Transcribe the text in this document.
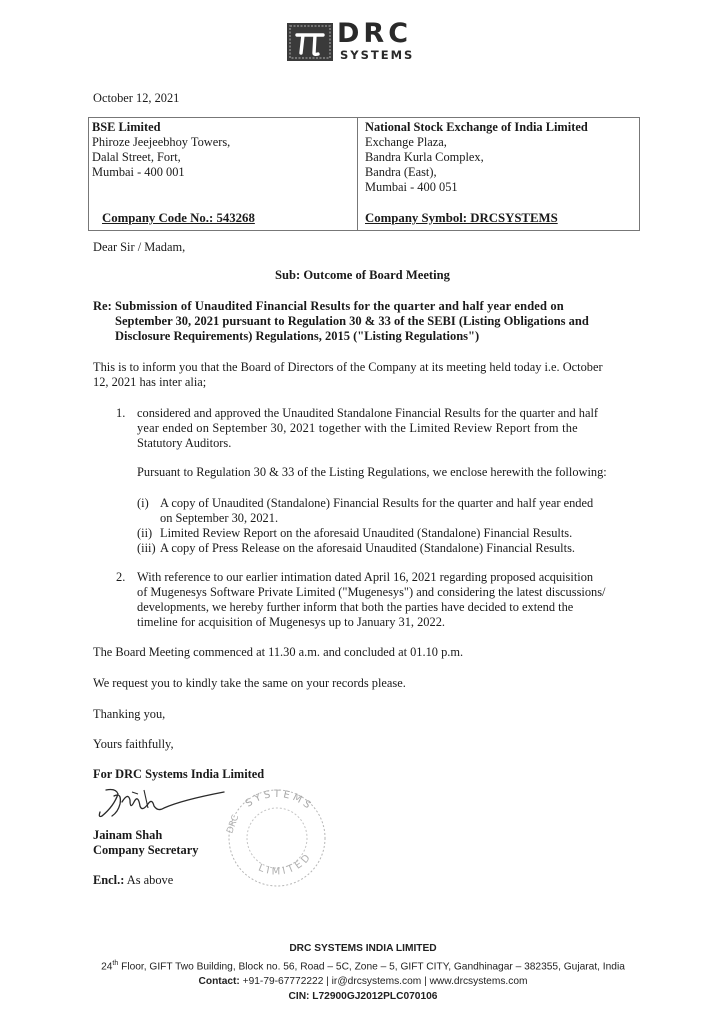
DRC
SYSTEMS
October 12, 2021
BSE Limited
Phiroze Jeejeebhoy Towers,
Dalal Street, Fort,
Mumbai - 400 001
Company Code No.: 543268
National Stock Exchange of India Limited
Exchange Plaza,
Bandra Kurla Complex,
Bandra (East),
Mumbai - 400 051
Company Symbol: DRCSYSTEMS
Dear Sir / Madam,
Sub: Outcome of Board Meeting
Re: Submission of Unaudited Financial Results for the quarter and half year ended on
September 30, 2021 pursuant to Regulation 30 & 33 of the SEBI (Listing Obligations and
Disclosure Requirements) Regulations, 2015 ("Listing Regulations")
This is to inform you that the Board of Directors of the Company at its meeting held today i.e. October
12, 2021 has inter alia;
1. considered and approved the Unaudited Standalone Financial Results for the quarter and half
year ended on September 30, 2021 together with the Limited Review Report from the
Statutory Auditors.
Pursuant to Regulation 30 & 33 of the Listing Regulations, we enclose herewith the following:
(i) A copy of Unaudited (Standalone) Financial Results for the quarter and half year ended
on September 30, 2021.
(ii) Limited Review Report on the aforesaid Unaudited (Standalone) Financial Results.
(iii) A copy of Press Release on the aforesaid Unaudited (Standalone) Financial Results.
2. With reference to our earlier intimation dated April 16, 2021 regarding proposed acquisition
of Mugenesys Software Private Limited ("Mugenesys") and considering the latest discussions/
developments, we hereby further inform that both the parties have decided to extend the
timeline for acquisition of Mugenesys up to January 31, 2022.
The Board Meeting commenced at 11.30 a.m. and concluded at 01.10 p.m.
We request you to kindly take the same on your records please.
Thanking you,
Yours faithfully,
For DRC Systems India Limited
SYSTEMS
LIMITED
DRC
Jainam Shah
Company Secretary
Encl.: As above
DRC SYSTEMS INDIA LIMITED
24th Floor, GIFT Two Building, Block no. 56, Road – 5C, Zone – 5, GIFT CITY, Gandhinagar – 382355, Gujarat, India
Contact: +91-79-67772222 | ir@drcsystems.com | www.drcsystems.com
CIN: L72900GJ2012PLC070106
